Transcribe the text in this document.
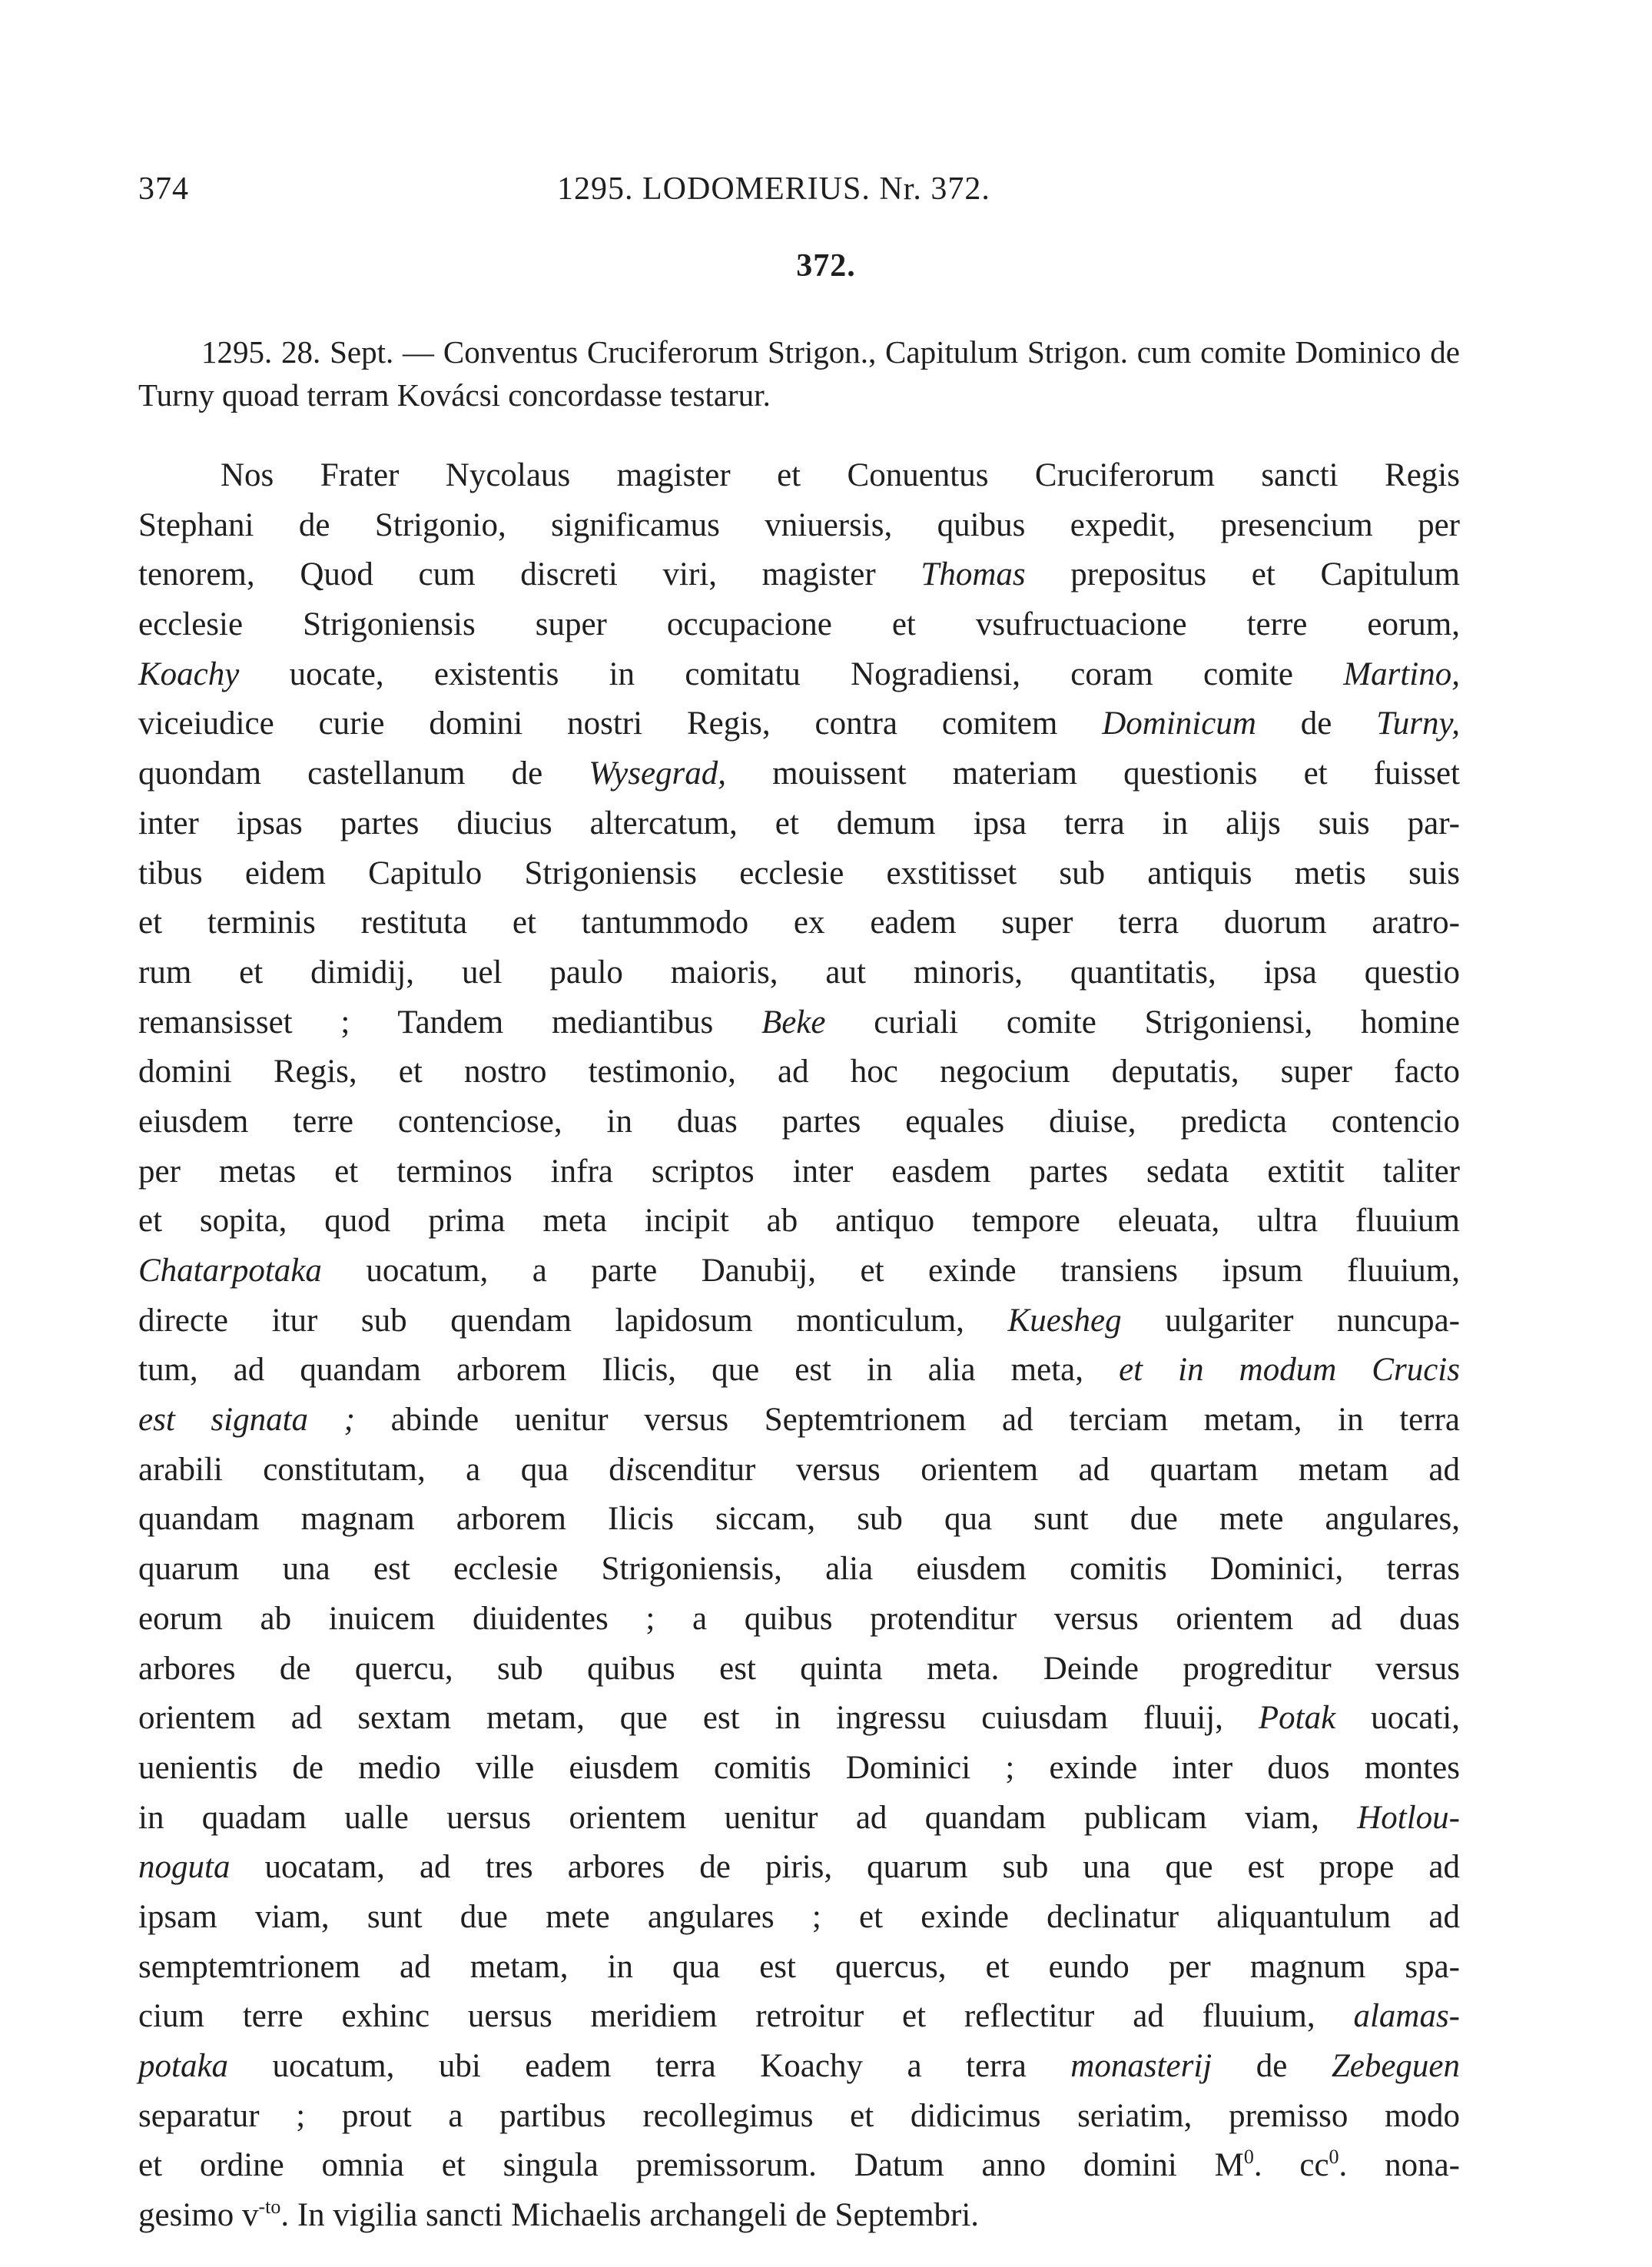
374	1295. LODOMERIUS. Nr. 372.
372.
1295. 28. Sept. — Conventus Cruciferorum Strigon., Capitulum Strigon. cum comite Dominico de Turny quoad terram Kovácsi concordasse testarur.
Nos Frater Nycolaus magister et Conuentus Cruciferorum sancti Regis
Stephani de Strigonio, significamus vniuersis, quibus expedit, presencium per
tenorem, Quod cum discreti viri, magister Thomas prepositus et Capitulum
ecclesie Strigoniensis super occupacione et vsufructuacione terre eorum,
Koachy uocate, existentis in comitatu Nogradiensi, coram comite Martino,
viceiudice curie domini nostri Regis, contra comitem Dominicum de Turny,
quondam castellanum de Wysegrad, mouissent materiam questionis et fuisset
inter ipsas partes diucius altercatum, et demum ipsa terra in alijs suis par-
tibus eidem Capitulo Strigoniensis ecclesie exstitisset sub antiquis metis suis
et terminis restituta et tantummodo ex eadem super terra duorum aratro-
rum et dimidij, uel paulo maioris, aut minoris, quantitatis, ipsa questio
remansisset ; Tandem mediantibus Beke curiali comite Strigoniensi, homine
domini Regis, et nostro testimonio, ad hoc negocium deputatis, super facto
eiusdem terre contenciose, in duas partes equales diuise, predicta contencio
per metas et terminos infra scriptos inter easdem partes sedata extitit taliter
et sopita, quod prima meta incipit ab antiquo tempore eleuata, ultra fluuium
Chatarpotaka uocatum, a parte Danubij, et exinde transiens ipsum fluuium,
directe itur sub quendam lapidosum monticulum, Kuesheg uulgariter nuncupa-
tum, ad quandam arborem Ilicis, que est in alia meta, et in modum Crucis
est signata ; abinde uenitur versus Septemtrionem ad terciam metam, in terra
arabili constitutam, a qua discenditur versus orientem ad quartam metam ad
quandam magnam arborem Ilicis siccam, sub qua sunt due mete angulares,
quarum una est ecclesie Strigoniensis, alia eiusdem comitis Dominici, terras
eorum ab inuicem diuidentes ; a quibus protenditur versus orientem ad duas
arbores de quercu, sub quibus est quinta meta. Deinde progreditur versus
orientem ad sextam metam, que est in ingressu cuiusdam fluuij, Potak uocati,
uenientis de medio ville eiusdem comitis Dominici ; exinde inter duos montes
in quadam ualle uersus orientem uenitur ad quandam publicam viam, Hotlou-
noguta uocatam, ad tres arbores de piris, quarum sub una que est prope ad
ipsam viam, sunt due mete angulares ; et exinde declinatur aliquantulum ad
semptemtrionem ad metam, in qua est quercus, et eundo per magnum spa-
cium terre exhinc uersus meridiem retroitur et reflectitur ad fluuium, alamas-
potaka uocatum, ubi eadem terra Koachy a terra monasterij de Zebeguen
separatur ; prout a partibus recollegimus et didicimus seriatim, premisso modo
et ordine omnia et singula premissorum. Datum anno domini $M^0$. $cc^0$. nona-
gesimo $v^{-to}$. In vigilia sancti Michaelis archangeli de Septembri.
